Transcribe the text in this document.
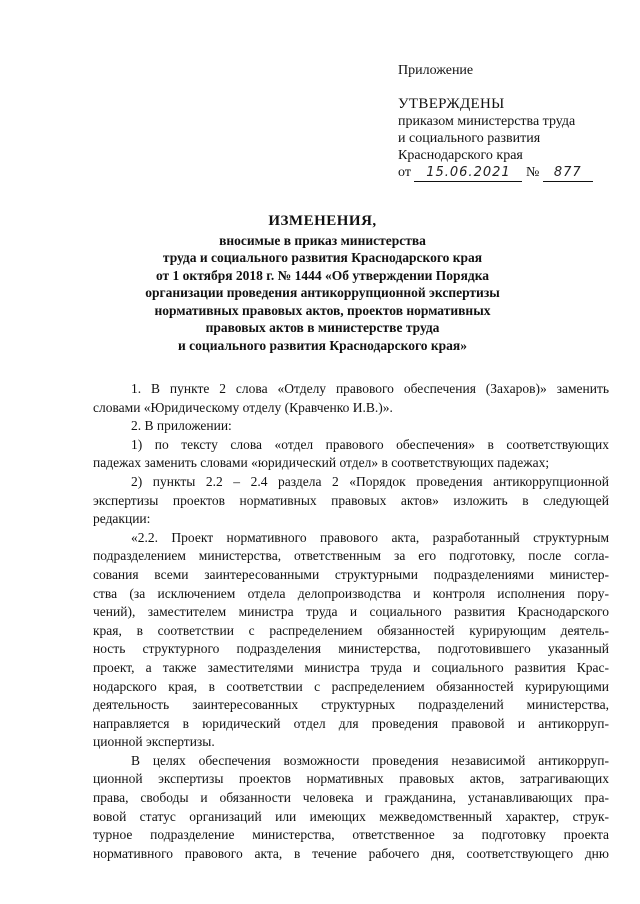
Приложение
УТВЕРЖДЕНЫ
приказом министерства труда
и социального развития
Краснодарского края
от 15.06.2021 № 877
ИЗМЕНЕНИЯ,
вносимые в приказ министерства
труда и социального развития Краснодарского края
от 1 октября 2018 г. № 1444 «Об утверждении Порядка
организации проведения антикоррупционной экспертизы
нормативных правовых актов, проектов нормативных
правовых актов в министерстве труда
и социального развития Краснодарского края»
1. В пункте 2 слова «Отделу правового обеспечения (Захаров)» заменить
словами «Юридическому отделу (Кравченко И.В.)».
2. В приложении:
1) по тексту слова «отдел правового обеспечения» в соответствующих
падежах заменить словами «юридический отдел» в соответствующих падежах;
2) пункты 2.2 – 2.4 раздела 2 «Порядок проведения антикоррупционной
экспертизы проектов нормативных правовых актов» изложить в следующей
редакции:
«2.2. Проект нормативного правового акта, разработанный структурным
подразделением министерства, ответственным за его подготовку, после согла-
сования всеми заинтересованными структурными подразделениями министер-
ства (за исключением отдела делопроизводства и контроля исполнения пору-
чений), заместителем министра труда и социального развития Краснодарского
края, в соответствии с распределением обязанностей курирующим деятель-
ность структурного подразделения министерства, подготовившего указанный
проект, а также заместителями министра труда и социального развития Крас-
нодарского края, в соответствии с распределением обязанностей курирующими
деятельность заинтересованных структурных подразделений министерства,
направляется в юридический отдел для проведения правовой и антикорруп-
ционной экспертизы.
В целях обеспечения возможности проведения независимой антикорруп-
ционной экспертизы проектов нормативных правовых актов, затрагивающих
права, свободы и обязанности человека и гражданина, устанавливающих пра-
вовой статус организаций или имеющих межведомственный характер, струк-
турное подразделение министерства, ответственное за подготовку проекта
нормативного правового акта, в течение рабочего дня, соответствующего дню
